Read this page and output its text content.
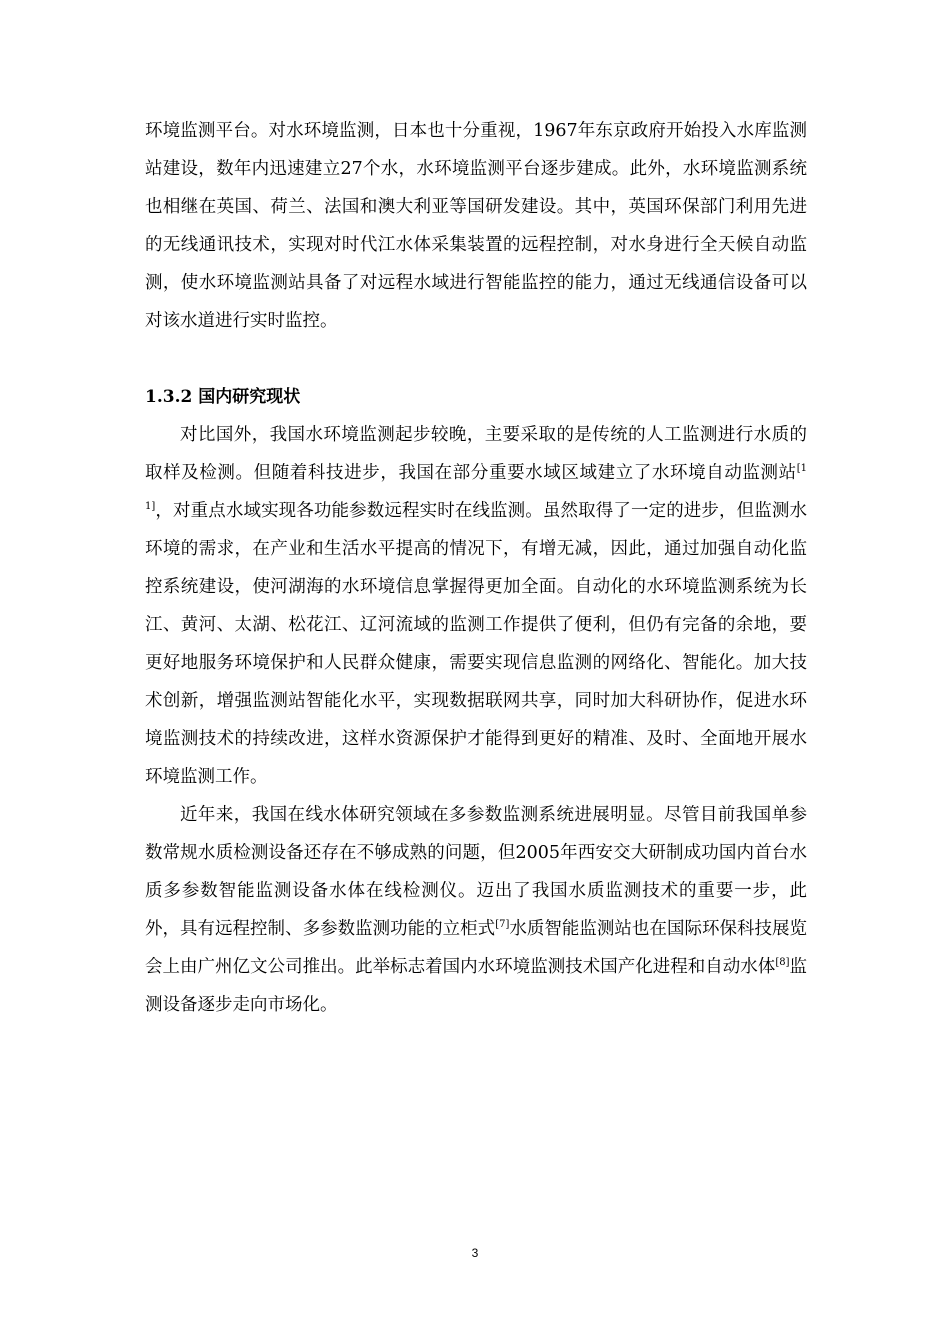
环境监测平台。对水环境监测，日本也十分重视，1967年东京政府开始投入水库监测站建设，数年内迅速建立27个水，水环境监测平台逐步建成。此外，水环境监测系统也相继在英国、荷兰、法国和澳大利亚等国研发建设。其中，英国环保部门利用先进的无线通讯技术，实现对时代江水体采集装置的远程控制，对水身进行全天候自动监测，使水环境监测站具备了对远程水域进行智能监控的能力，通过无线通信设备可以对该水道进行实时监控。
1.3.2 国内研究现状
对比国外，我国水环境监测起步较晚，主要采取的是传统的人工监测进行水质的取样及检测。但随着科技进步，我国在部分重要水域区域建立了水环境自动监测站[11]，对重点水域实现各功能参数远程实时在线监测。虽然取得了一定的进步，但监测水环境的需求，在产业和生活水平提高的情况下，有增无减，因此，通过加强自动化监控系统建设，使河湖海的水环境信息掌握得更加全面。自动化的水环境监测系统为长江、黄河、太湖、松花江、辽河流域的监测工作提供了便利，但仍有完备的余地，要更好地服务环境保护和人民群众健康，需要实现信息监测的网络化、智能化。加大技术创新，增强监测站智能化水平，实现数据联网共享，同时加大科研协作，促进水环境监测技术的持续改进，这样水资源保护才能得到更好的精准、及时、全面地开展水环境监测工作。
近年来，我国在线水体研究领域在多参数监测系统进展明显。尽管目前我国单参数常规水质检测设备还存在不够成熟的问题，但2005年西安交大研制成功国内首台水质多参数智能监测设备水体在线检测仪。迈出了我国水质监测技术的重要一步，此外，具有远程控制、多参数监测功能的立柜式[7]水质智能监测站也在国际环保科技展览会上由广州亿文公司推出。此举标志着国内水环境监测技术国产化进程和自动水体[8]监测设备逐步走向市场化。
3
